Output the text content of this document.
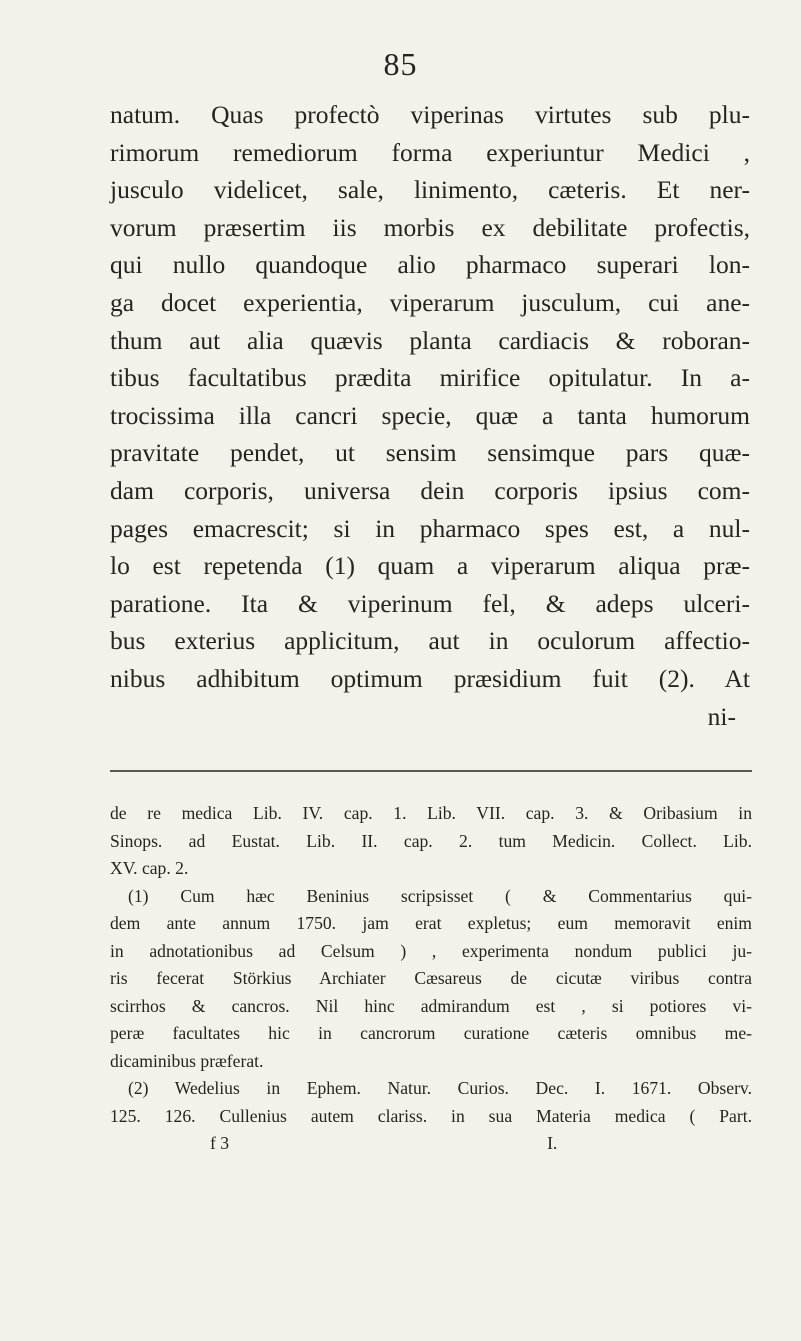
85
natum. Quas profectò viperinas virtutes sub plu-
rimorum remediorum forma experiuntur Medici ,
jusculo videlicet, sale, linimento, cæteris. Et ner-
vorum præsertim iis morbis ex debilitate profectis,
qui nullo quandoque alio pharmaco superari lon-
ga docet experientia, viperarum jusculum, cui ane-
thum aut alia quævis planta cardiacis & roboran-
tibus facultatibus prædita mirifice opitulatur. In a-
trocissima illa cancri specie, quæ a tanta humorum
pravitate pendet, ut sensim sensimque pars quæ-
dam corporis, universa dein corporis ipsius com-
pages emacrescit; si in pharmaco spes est, a nul-
lo est repetenda (1) quam a viperarum aliqua præ-
paratione. Ita & viperinum fel, & adeps ulceri-
bus exterius applicitum, aut in oculorum affectio-
nibus adhibitum optimum præsidium fuit (2). At
ni-
de re medica Lib. IV. cap. 1. Lib. VII. cap. 3. & Oribasium in
Sinops. ad Eustat. Lib. II. cap. 2. tum Medicin. Collect. Lib.
XV. cap. 2.
(1) Cum hæc Beninius scripsisset ( & Commentarius qui-
dem ante annum 1750. jam erat expletus; eum memoravit enim
in adnotationibus ad Celsum ) , experimenta nondum publici ju-
ris fecerat Störkius Archiater Cæsareus de cicutæ viribus contra
scirrhos & cancros. Nil hinc admirandum est , si potiores vi-
peræ facultates hic in cancrorum curatione cæteris omnibus me-
dicaminibus præferat.
(2) Wedelius in Ephem. Natur. Curios. Dec. I. 1671. Observ.
125. 126. Cullenius autem clariss. in sua Materia medica ( Part.
f 3	I.
